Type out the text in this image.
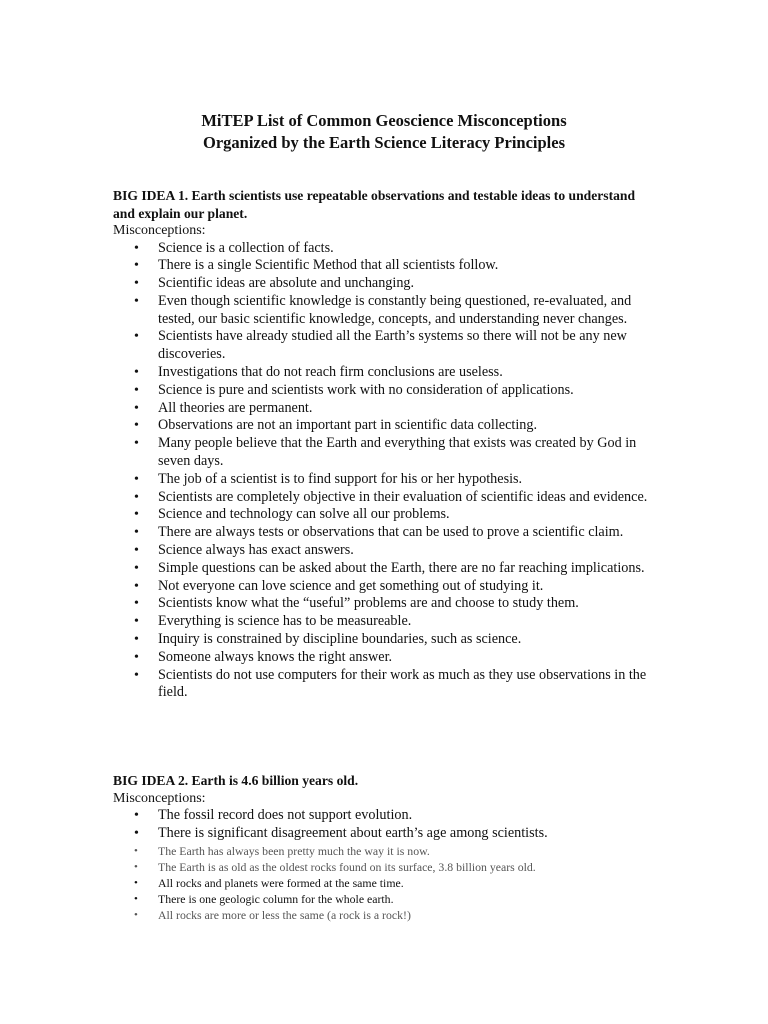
MiTEP List of Common Geoscience Misconceptions
Organized by the Earth Science Literacy Principles

BIG IDEA 1. Earth scientists use repeatable observations and testable ideas to understand and explain our planet.

Misconceptions:

• Science is a collection of facts.
• There is a single Scientific Method that all scientists follow.
• Scientific ideas are absolute and unchanging.
• Even though scientific knowledge is constantly being questioned, re-evaluated, and tested, our basic scientific knowledge, concepts, and understanding never changes.
• Scientists have already studied all the Earth’s systems so there will not be any new discoveries.
• Investigations that do not reach firm conclusions are useless.
• Science is pure and scientists work with no consideration of applications.
• All theories are permanent.
• Observations are not an important part in scientific data collecting.
• Many people believe that the Earth and everything that exists was created by God in seven days.
• The job of a scientist is to find support for his or her hypothesis.
• Scientists are completely objective in their evaluation of scientific ideas and evidence.
• Science and technology can solve all our problems.
• There are always tests or observations that can be used to prove a scientific claim.
• Science always has exact answers.
• Simple questions can be asked about the Earth, there are no far reaching implications.
• Not everyone can love science and get something out of studying it.
• Scientists know what the “useful” problems are and choose to study them.
• Everything is science has to be measureable.
• Inquiry is constrained by discipline boundaries, such as science.
• Someone always knows the right answer.
• Scientists do not use computers for their work as much as they use observations in the field.

BIG IDEA 2. Earth is 4.6 billion years old.

Misconceptions:

• The fossil record does not support evolution.
• There is significant disagreement about earth’s age among scientists.
• The Earth has always been pretty much the way it is now.
• The Earth is as old as the oldest rocks found on its surface, 3.8 billion years old.
• All rocks and planets were formed at the same time.
• There is one geologic column for the whole earth.
• All rocks are more or less the same (a rock is a rock!)
